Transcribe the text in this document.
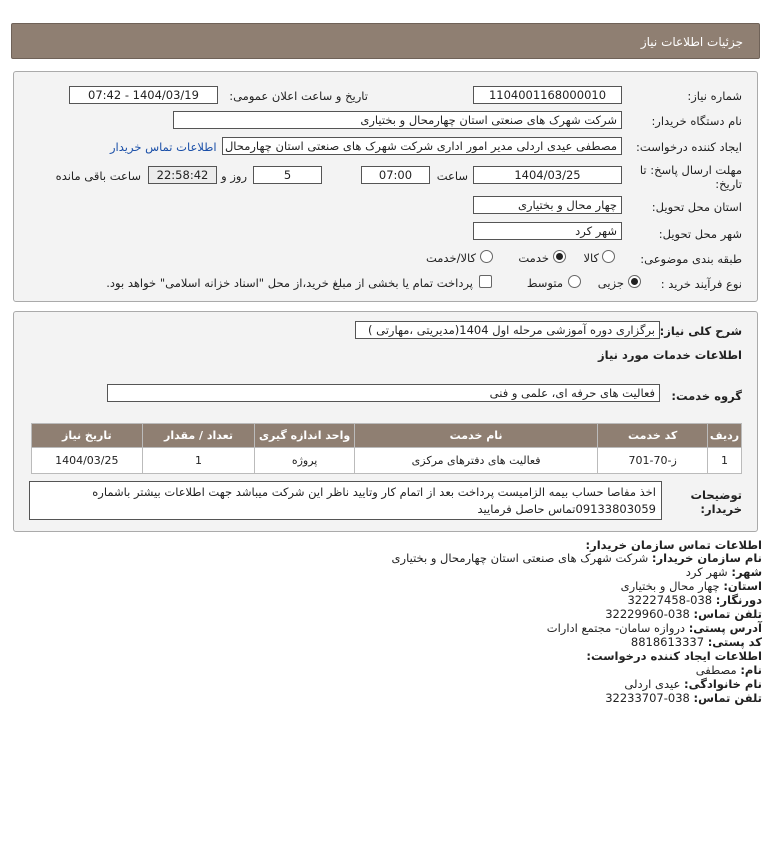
جزئیات اطلاعات نیاز
شماره نیاز:
1104001168000010
تاریخ و ساعت اعلان عمومی:
1404/03/19 - 07:42
نام دستگاه خریدار:
شرکت شهرک های صنعتی استان چهارمحال و بختیاری
ایجاد کننده درخواست:
مصطفی عیدی اردلی مدیر امور اداری شرکت شهرک های صنعتی استان چهارمحال
اطلاعات تماس خریدار
مهلت ارسال پاسخ: تا
تاریخ:
1404/03/25
ساعت
07:00
5
روز و
22:58:42
ساعت باقی مانده
استان محل تحویل:
چهار محال و بختیاری
شهر محل تحویل:
شهر کرد
طبقه بندی موضوعی:
کالا
خدمت
کالا/خدمت
نوع فرآیند خرید :
جزیی
متوسط
پرداخت تمام یا بخشی از مبلغ خرید،از محل "اسناد خزانه اسلامی" خواهد بود.
شرح کلی نیاز:
برگزاری دوره آموزشی مرحله اول 1404(مدیریتی ،مهارتی )
اطلاعات خدمات مورد نیاز
گروه خدمت:
فعالیت های حرفه ای، علمی و فنی
ردیف	کد خدمت	نام خدمت	واحد اندازه گیری	تعداد / مقدار	تاریخ نیاز
1	ز-70-701	فعالیت های دفترهای مرکزی	پروژه	1	1404/03/25
توضیحات
خریدار:
اخذ مفاصا حساب بیمه الزامیست پرداخت بعد از اتمام کار وتایید ناظر این شرکت میباشد جهت اطلاعات بیشتر باشماره
09133803059تماس حاصل فرمایید
اطلاعات تماس سازمان خریدار:
نام سازمان خریدار: شرکت شهرک های صنعتی استان چهارمحال و بختیاری
شهر: شهر کرد
استان: چهار محال و بختیاری
دورنگار: 038-32227458
تلفن تماس: 038-32229960
آدرس پستی: دروازه سامان- مجتمع ادارات
کد پستی: 8818613337
اطلاعات ایجاد کننده درخواست:
نام: مصطفی
نام خانوادگی: عیدی اردلی
تلفن تماس: 038-32233707
